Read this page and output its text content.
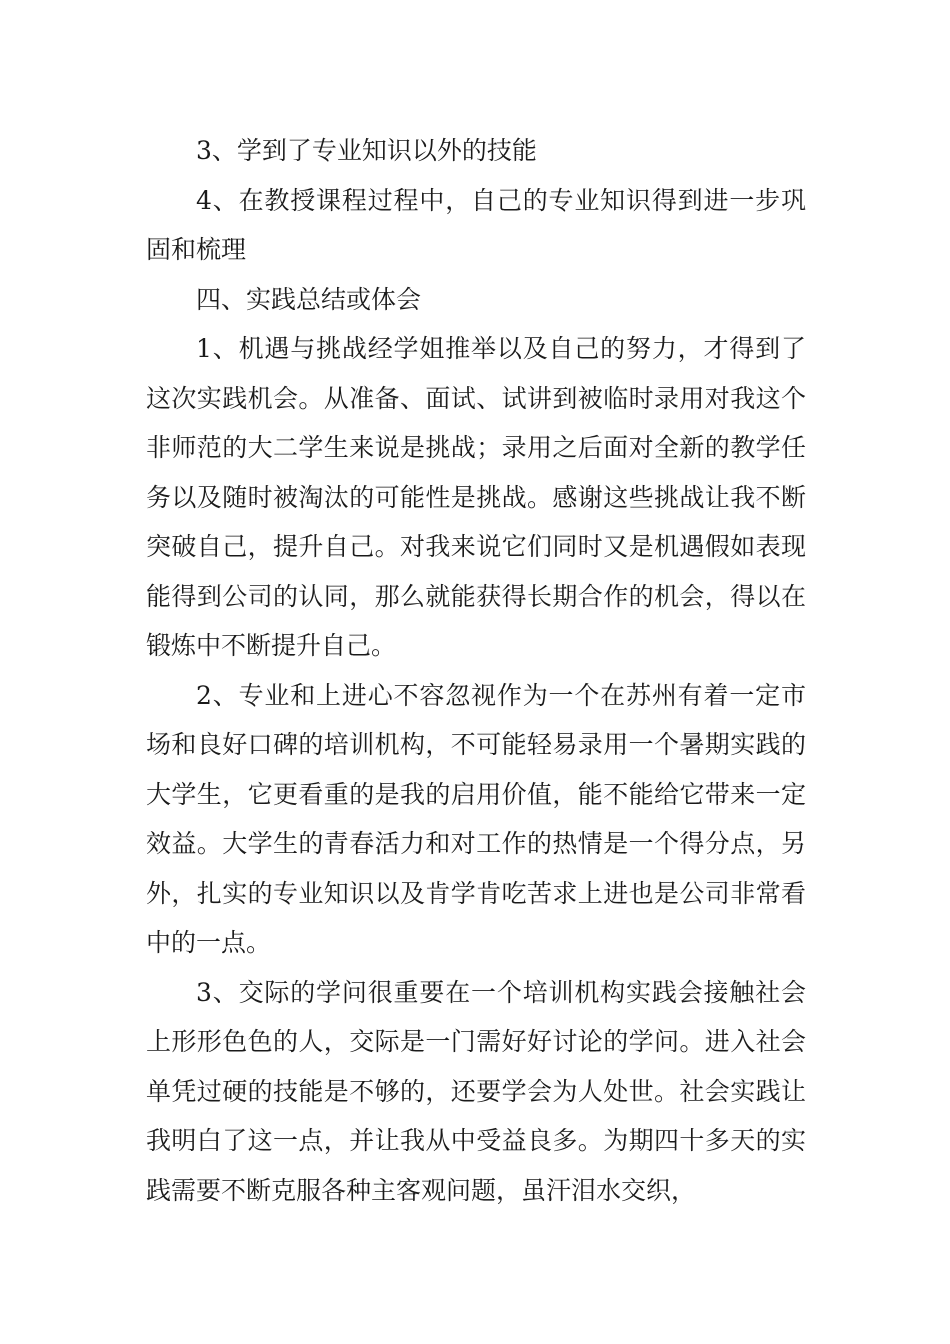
3、学到了专业知识以外的技能

4、在教授课程过程中，自己的专业知识得到进一步巩固和梳理

四、实践总结或体会

1、机遇与挑战经学姐推举以及自己的努力，才得到了这次实践机会。从准备、面试、试讲到被临时录用对我这个非师范的大二学生来说是挑战；录用之后面对全新的教学任务以及随时被淘汰的可能性是挑战。感谢这些挑战让我不断突破自己，提升自己。对我来说它们同时又是机遇假如表现能得到公司的认同，那么就能获得长期合作的机会，得以在锻炼中不断提升自己。

2、专业和上进心不容忽视作为一个在苏州有着一定市场和良好口碑的培训机构，不可能轻易录用一个暑期实践的大学生，它更看重的是我的启用价值，能不能给它带来一定效益。大学生的青春活力和对工作的热情是一个得分点，另外，扎实的专业知识以及肯学肯吃苦求上进也是公司非常看中的一点。

3、交际的学问很重要在一个培训机构实践会接触社会上形形色色的人，交际是一门需好好讨论的学问。进入社会单凭过硬的技能是不够的，还要学会为人处世。社会实践让我明白了这一点，并让我从中受益良多。为期四十多天的实践需要不断克服各种主客观问题，虽汗泪水交织，
